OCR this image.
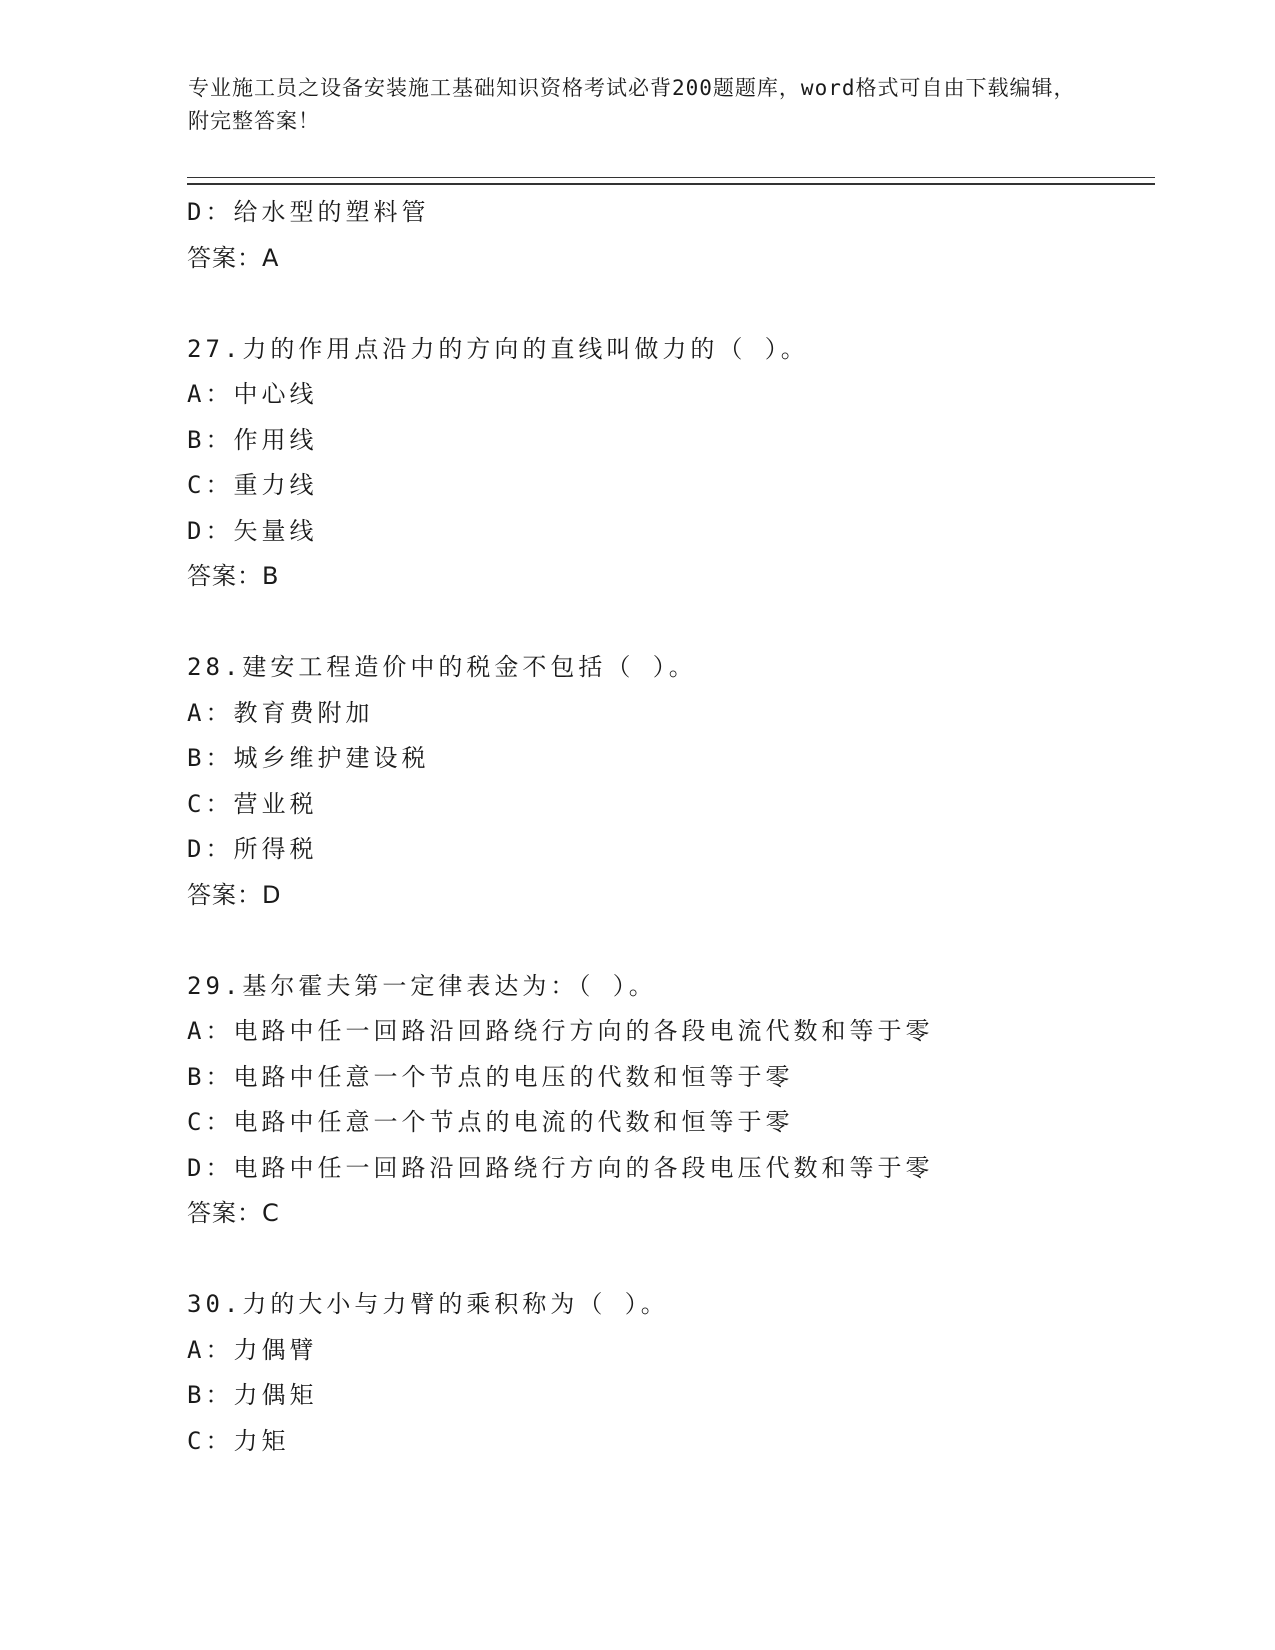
专业施工员之设备安装施工基础知识资格考试必背200题题库，word格式可自由下载编辑，附完整答案！
D：给水型的塑料管
答案：A
27.力的作用点沿力的方向的直线叫做力的（ ）。
A：中心线
B：作用线
C：重力线
D：矢量线
答案：B
28.建安工程造价中的税金不包括（ ）。
A：教育费附加
B：城乡维护建设税
C：营业税
D：所得税
答案：D
29.基尔霍夫第一定律表达为：（ ）。
A：电路中任一回路沿回路绕行方向的各段电流代数和等于零
B：电路中任意一个节点的电压的代数和恒等于零
C：电路中任意一个节点的电流的代数和恒等于零
D：电路中任一回路沿回路绕行方向的各段电压代数和等于零
答案：C
30.力的大小与力臂的乘积称为（ ）。
A：力偶臂
B：力偶矩
C：力矩
